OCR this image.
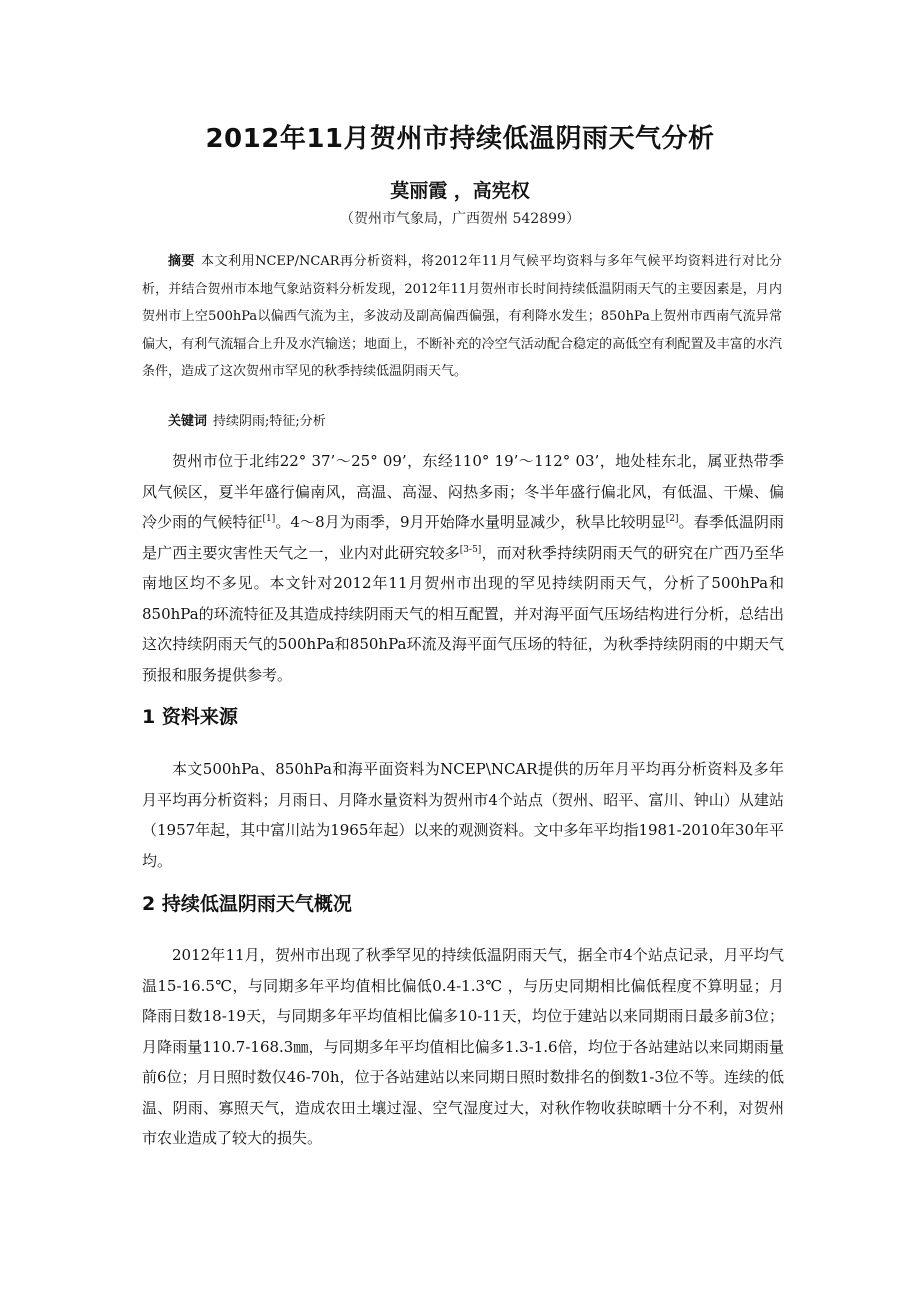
2012年11月贺州市持续低温阴雨天气分析
莫丽霞 ，高宪权
（贺州市气象局，广西贺州 542899）
摘要 本文利用NCEP/NCAR再分析资料，将2012年11月气候平均资料与多年气候平均资料进行对比分析，并结合贺州市本地气象站资料分析发现，2012年11月贺州市长时间持续低温阴雨天气的主要因素是，月内贺州市上空500hPa以偏西气流为主，多波动及副高偏西偏强，有利降水发生；850hPa上贺州市西南气流异常偏大，有利气流辐合上升及水汽输送；地面上，不断补充的冷空气活动配合稳定的高低空有利配置及丰富的水汽条件，造成了这次贺州市罕见的秋季持续低温阴雨天气。
关键词 持续阴雨;特征;分析
贺州市位于北纬22° 37’～25° 09’，东经110° 19’～112° 03’，地处桂东北，属亚热带季风气候区，夏半年盛行偏南风，高温、高湿、闷热多雨；冬半年盛行偏北风，有低温、干燥、偏冷少雨的气候特征[1]。4～8月为雨季，9月开始降水量明显减少，秋旱比较明显[2]。春季低温阴雨是广西主要灾害性天气之一，业内对此研究较多[3-5]，而对秋季持续阴雨天气的研究在广西乃至华南地区均不多见。本文针对2012年11月贺州市出现的罕见持续阴雨天气，分析了500hPa和850hPa的环流特征及其造成持续阴雨天气的相互配置，并对海平面气压场结构进行分析，总结出这次持续阴雨天气的500hPa和850hPa环流及海平面气压场的特征，为秋季持续阴雨的中期天气预报和服务提供参考。
1 资料来源
本文500hPa、850hPa和海平面资料为NCEP\NCAR提供的历年月平均再分析资料及多年月平均再分析资料；月雨日、月降水量资料为贺州市4个站点（贺州、昭平、富川、钟山）从建站（1957年起，其中富川站为1965年起）以来的观测资料。文中多年平均指1981-2010年30年平均。
2 持续低温阴雨天气概况
2012年11月，贺州市出现了秋季罕见的持续低温阴雨天气，据全市4个站点记录，月平均气温15-16.5℃，与同期多年平均值相比偏低0.4-1.3℃ ，与历史同期相比偏低程度不算明显；月降雨日数18-19天，与同期多年平均值相比偏多10-11天，均位于建站以来同期雨日最多前3位；月降雨量110.7-168.3㎜，与同期多年平均值相比偏多1.3-1.6倍，均位于各站建站以来同期雨量前6位；月日照时数仅46-70h，位于各站建站以来同期日照时数排名的倒数1-3位不等。连续的低温、阴雨、寡照天气，造成农田土壤过湿、空气湿度过大，对秋作物收获晾晒十分不利，对贺州市农业造成了较大的损失。
